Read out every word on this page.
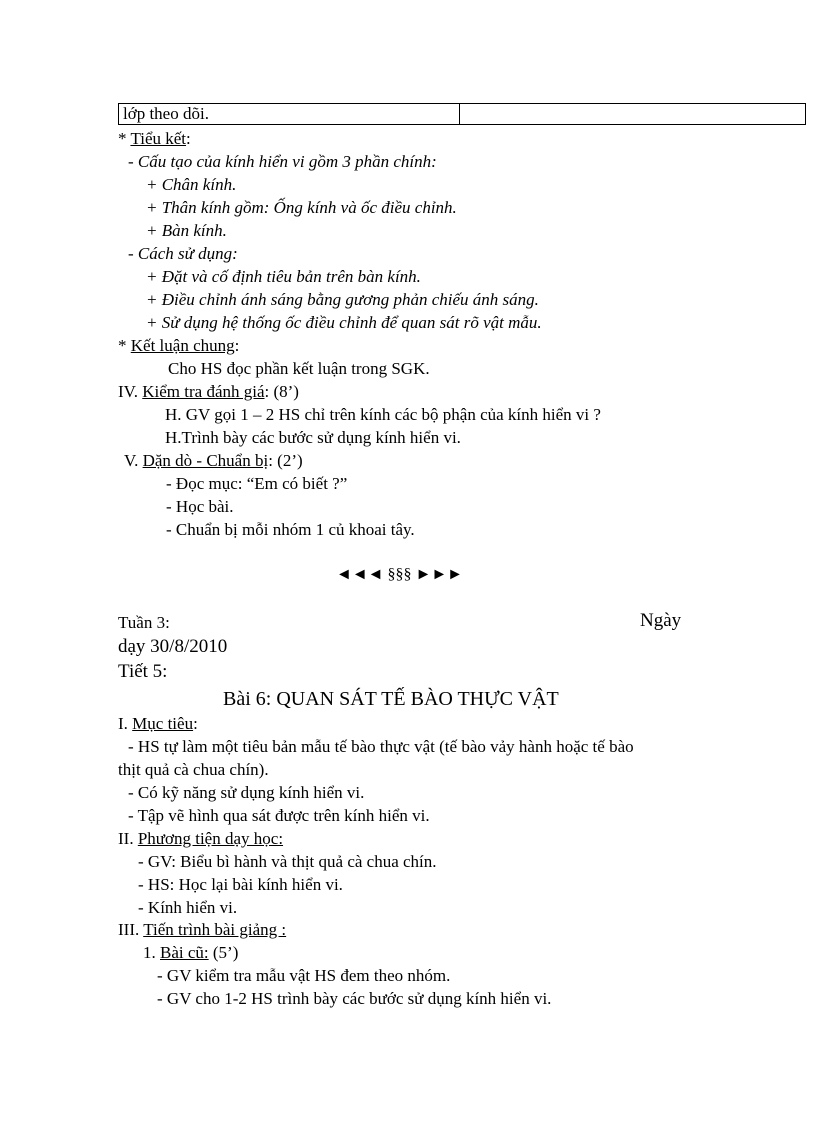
lớp theo dõi.	
* Tiểu kết:
- Cấu tạo của kính hiển vi gồm 3 phần chính:
+ Chân kính.
+ Thân kính gồm: Ống kính và ốc điều chỉnh.
+ Bàn kính.
- Cách sử dụng:
+ Đặt và cố định tiêu bản trên bàn kính.
+ Điều chỉnh ánh sáng bằng gương phản chiếu ánh sáng.
+ Sử dụng hệ thống ốc điều chỉnh để quan sát rõ vật mẫu.
* Kết luận chung:
Cho HS đọc phần kết luận trong SGK.
IV. Kiểm tra đánh giá: (8’)
H. GV gọi 1 – 2 HS chỉ trên kính các bộ phận của kính hiển vi ?
H.Trình bày các bước sử dụng kính hiển vi.
V. Dặn dò - Chuẩn bị: (2’)
- Đọc mục: “Em có biết ?”
- Học bài.
- Chuẩn bị mỗi nhóm 1 củ khoai tây.
◄◄◄ §§§ ►►►
Tuần 3:	Ngày
dạy 30/8/2010
Tiết 5:
Bài 6: QUAN SÁT TẾ BÀO THỰC VẬT
I. Mục tiêu:
- HS tự làm một tiêu bản mẫu tế bào thực vật (tế bào vảy hành hoặc tế bào
thịt quả cà chua chín).
- Có kỹ năng sử dụng kính hiển vi.
- Tập vẽ hình qua sát được trên kính hiển vi.
II. Phương tiện dạy học:
- GV: Biểu bì hành và thịt quả cà chua chín.
- HS: Học lại bài kính hiển vi.
- Kính hiển vi.
III. Tiến trình bài giảng :
1. Bài cũ: (5’)
- GV kiểm tra mẫu vật HS đem theo nhóm.
- GV cho 1-2 HS trình bày các bước sử dụng kính hiển vi.
